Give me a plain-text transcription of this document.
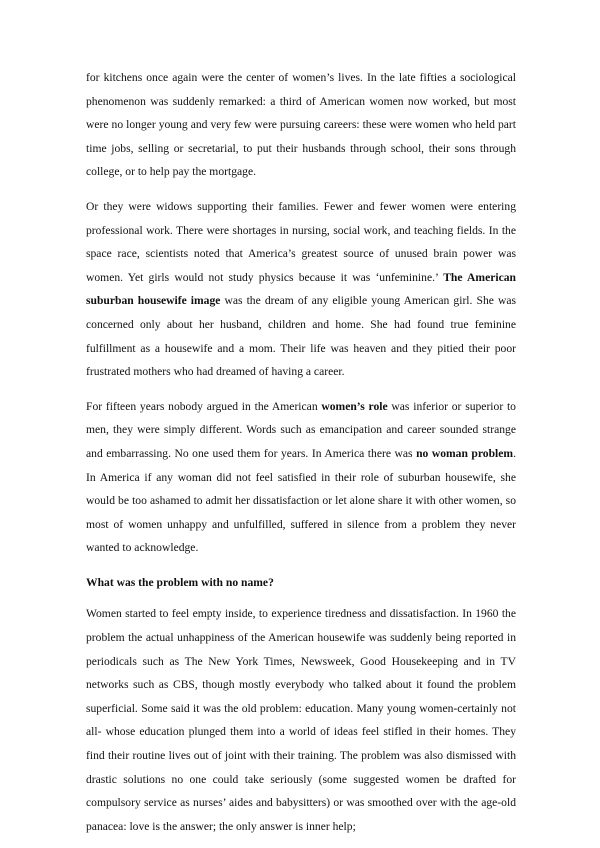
for kitchens once again were the center of women’s lives. In the late fifties a sociological phenomenon was suddenly remarked: a third of American women now worked, but most were no longer young and very few were pursuing careers: these were women who held part time jobs, selling or secretarial, to put their husbands through school, their sons through college, or to help pay the mortgage.

Or they were widows supporting their families. Fewer and fewer women were entering professional work. There were shortages in nursing, social work, and teaching fields. In the space race, scientists noted that America’s greatest source of unused brain power was women. Yet girls would not study physics because it was ‘unfeminine.’ The American suburban housewife image was the dream of any eligible young American girl. She was concerned only about her husband, children and home. She had found true feminine fulfillment as a housewife and a mom. Their life was heaven and they pitied their poor frustrated mothers who had dreamed of having a career.

For fifteen years nobody argued in the American women’s role was inferior or superior to men, they were simply different. Words such as emancipation and career sounded strange and embarrassing. No one used them for years. In America there was no woman problem. In America if any woman did not feel satisfied in their role of suburban housewife, she would be too ashamed to admit her dissatisfaction or let alone share it with other women, so most of women unhappy and unfulfilled, suffered in silence from a problem they never wanted to acknowledge.

What was the problem with no name?

Women started to feel empty inside, to experience tiredness and dissatisfaction. In 1960 the problem the actual unhappiness of the American housewife was suddenly being reported in periodicals such as The New York Times, Newsweek, Good Housekeeping and in TV networks such as CBS, though mostly everybody who talked about it found the problem superficial. Some said it was the old problem: education. Many young women-certainly not all- whose education plunged them into a world of ideas feel stifled in their homes. They find their routine lives out of joint with their training. The problem was also dismissed with drastic solutions no one could take seriously (some suggested women be drafted for compulsory service as nurses’ aides and babysitters) or was smoothed over with the age-old panacea: love is the answer; the only answer is inner help;
